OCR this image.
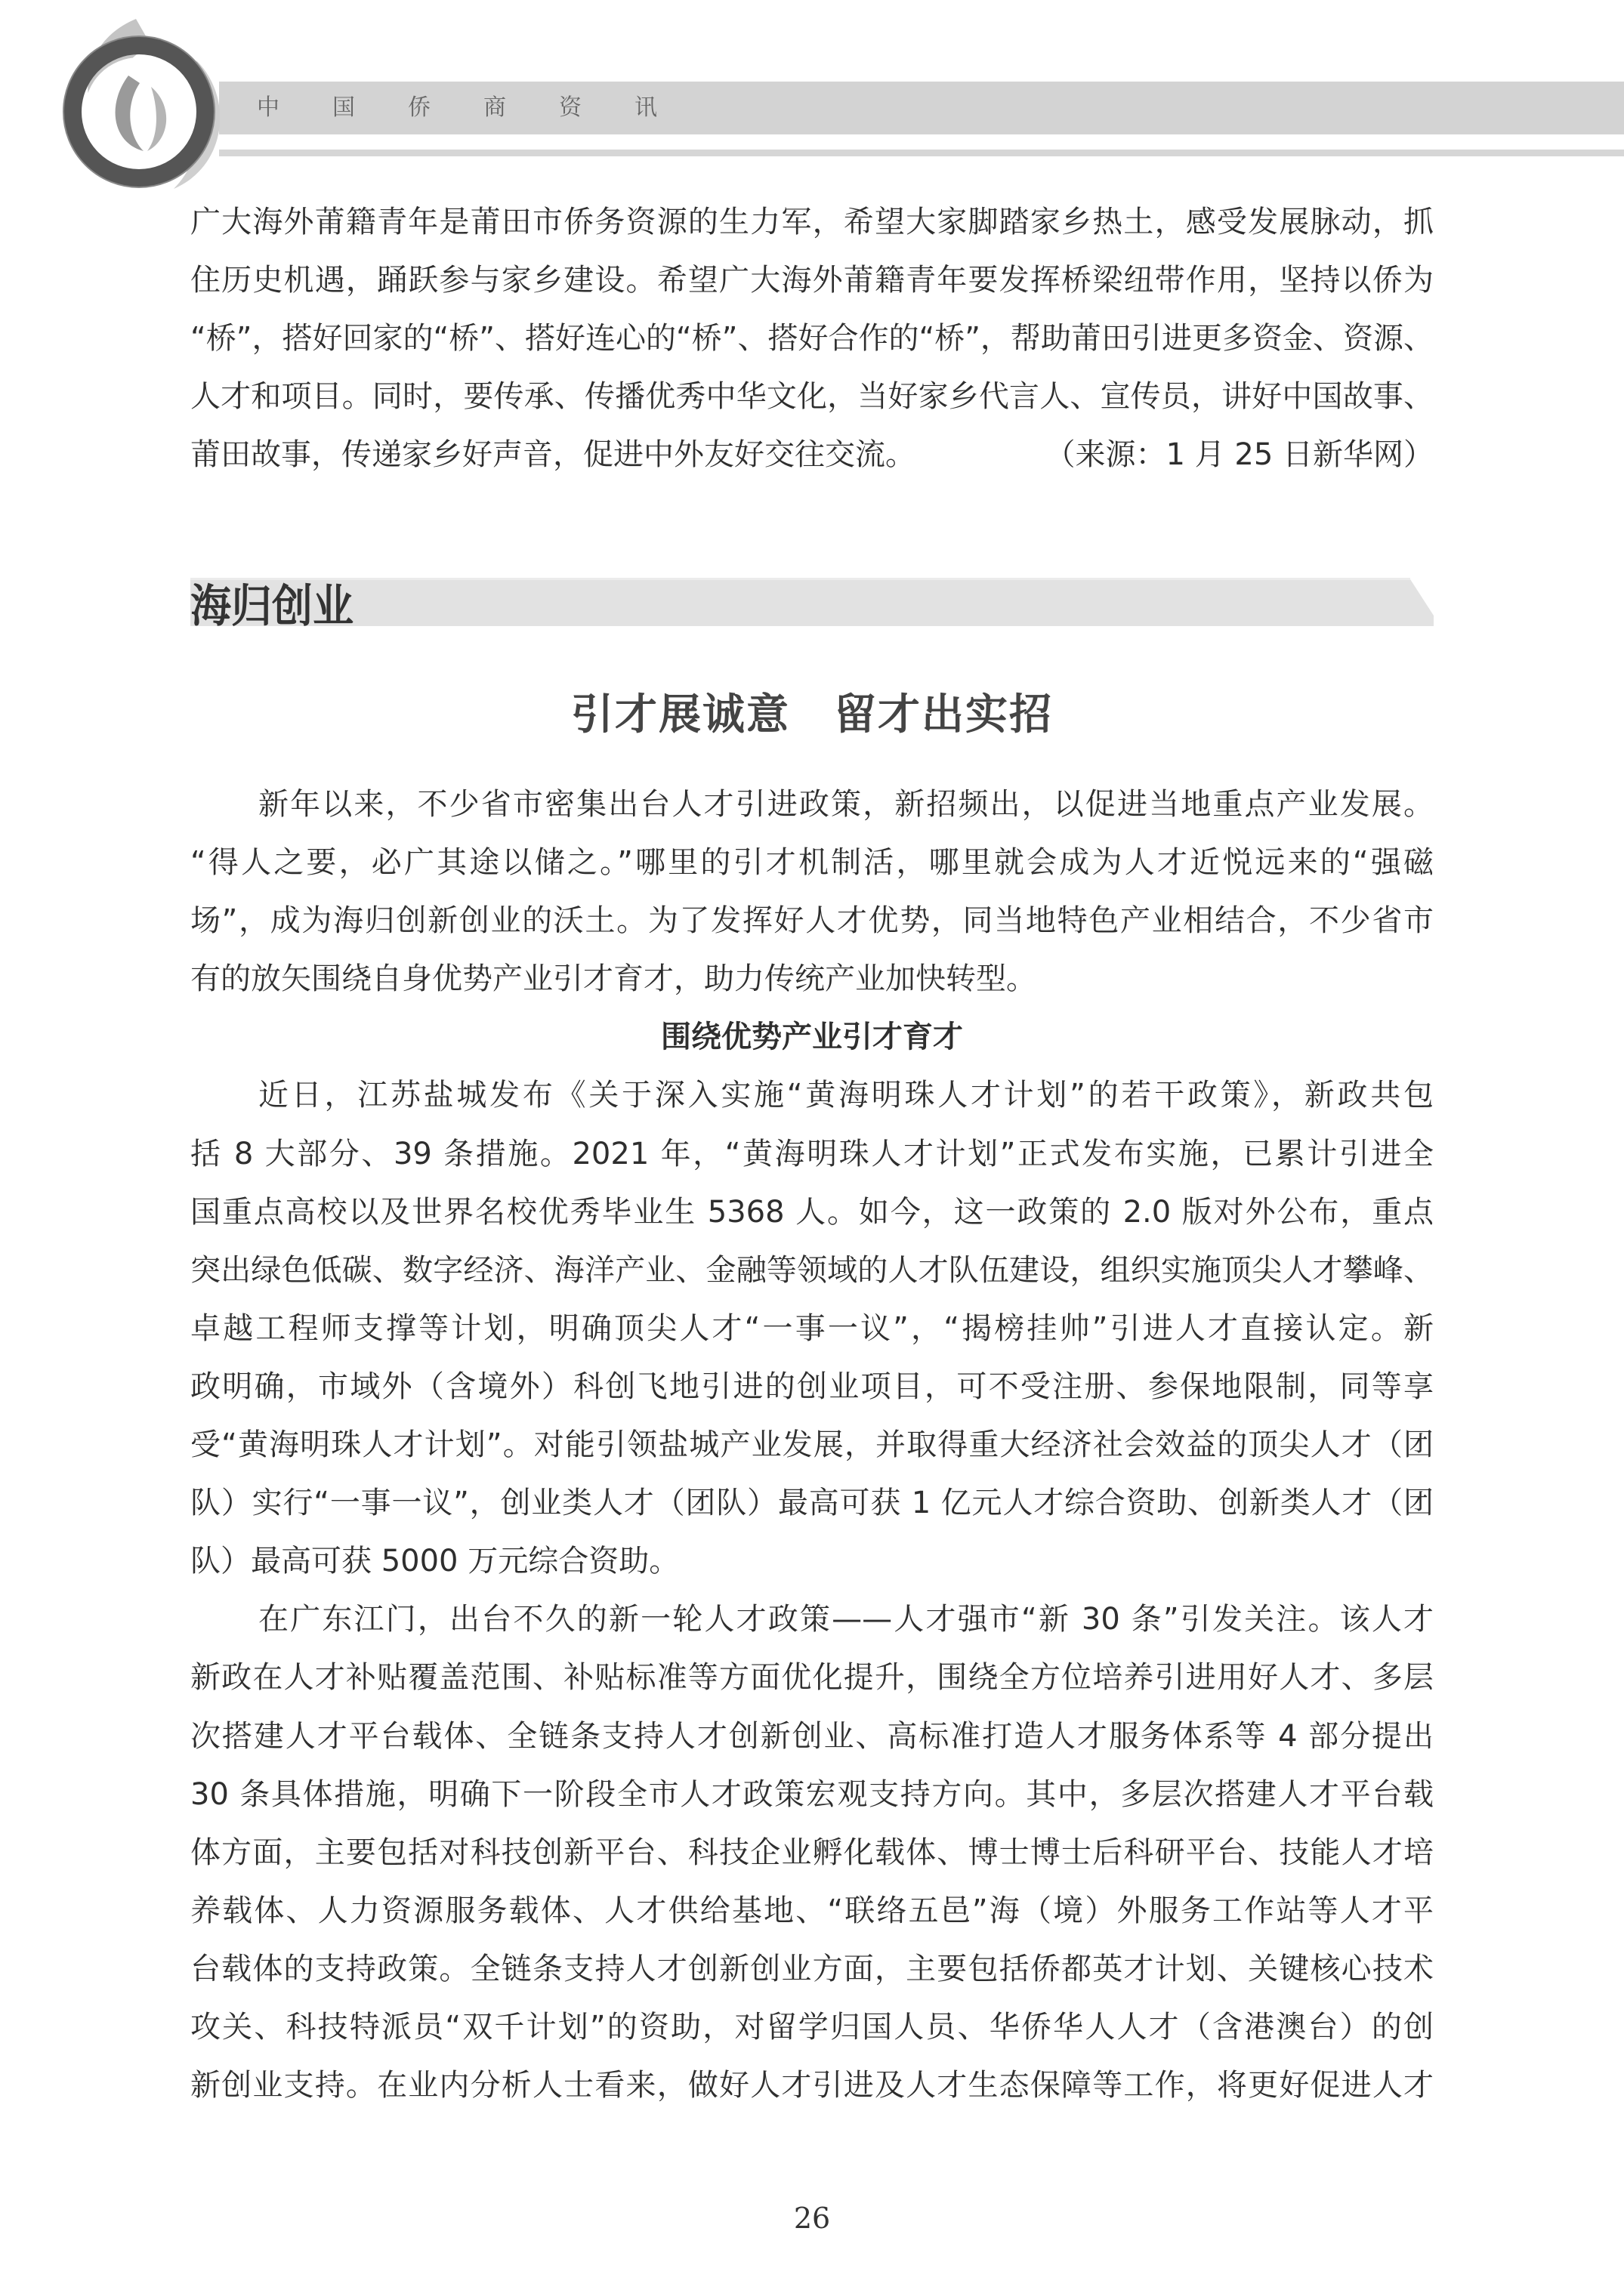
中	国	侨	商	资	讯
广大海外莆籍青年是莆田市侨务资源的生力军，希望大家脚踏家乡热土，感受发展脉动，抓
住历史机遇，踊跃参与家乡建设。希望广大海外莆籍青年要发挥桥梁纽带作用，坚持以侨为
“桥”，搭好回家的“桥”、搭好连心的“桥”、搭好合作的“桥”，帮助莆田引进更多资金、资源、
人才和项目。同时，要传承、传播优秀中华文化，当好家乡代言人、宣传员，讲好中国故事、
莆田故事，传递家乡好声音，促进中外友好交往交流。	（来源：1 月 25 日新华网）
海归创业
引才展诚意　留才出实招
新年以来，不少省市密集出台人才引进政策，新招频出，以促进当地重点产业发展。
“得人之要，必广其途以储之。”哪里的引才机制活，哪里就会成为人才近悦远来的“强磁
场”，成为海归创新创业的沃土。为了发挥好人才优势，同当地特色产业相结合，不少省市
有的放矢围绕自身优势产业引才育才，助力传统产业加快转型。
围绕优势产业引才育才
近日，江苏盐城发布《关于深入实施“黄海明珠人才计划”的若干政策》，新政共包
括 8 大部分、39 条措施。2021 年，“黄海明珠人才计划”正式发布实施，已累计引进全
国重点高校以及世界名校优秀毕业生 5368 人。如今，这一政策的 2.0 版对外公布，重点
突出绿色低碳、数字经济、海洋产业、金融等领域的人才队伍建设，组织实施顶尖人才攀峰、
卓越工程师支撑等计划，明确顶尖人才“一事一议”，“揭榜挂帅”引进人才直接认定。新
政明确，市域外（含境外）科创飞地引进的创业项目，可不受注册、参保地限制，同等享
受“黄海明珠人才计划”。对能引领盐城产业发展，并取得重大经济社会效益的顶尖人才（团
队）实行“一事一议”，创业类人才（团队）最高可获 1 亿元人才综合资助、创新类人才（团
队）最高可获 5000 万元综合资助。
在广东江门，出台不久的新一轮人才政策——人才强市“新 30 条”引发关注。该人才
新政在人才补贴覆盖范围、补贴标准等方面优化提升，围绕全方位培养引进用好人才、多层
次搭建人才平台载体、全链条支持人才创新创业、高标准打造人才服务体系等 4 部分提出
30 条具体措施，明确下一阶段全市人才政策宏观支持方向。其中，多层次搭建人才平台载
体方面，主要包括对科技创新平台、科技企业孵化载体、博士博士后科研平台、技能人才培
养载体、人力资源服务载体、人才供给基地、“联络五邑”海（境）外服务工作站等人才平
台载体的支持政策。全链条支持人才创新创业方面，主要包括侨都英才计划、关键核心技术
攻关、科技特派员“双千计划”的资助，对留学归国人员、华侨华人人才（含港澳台）的创
新创业支持。在业内分析人士看来，做好人才引进及人才生态保障等工作，将更好促进人才
26
